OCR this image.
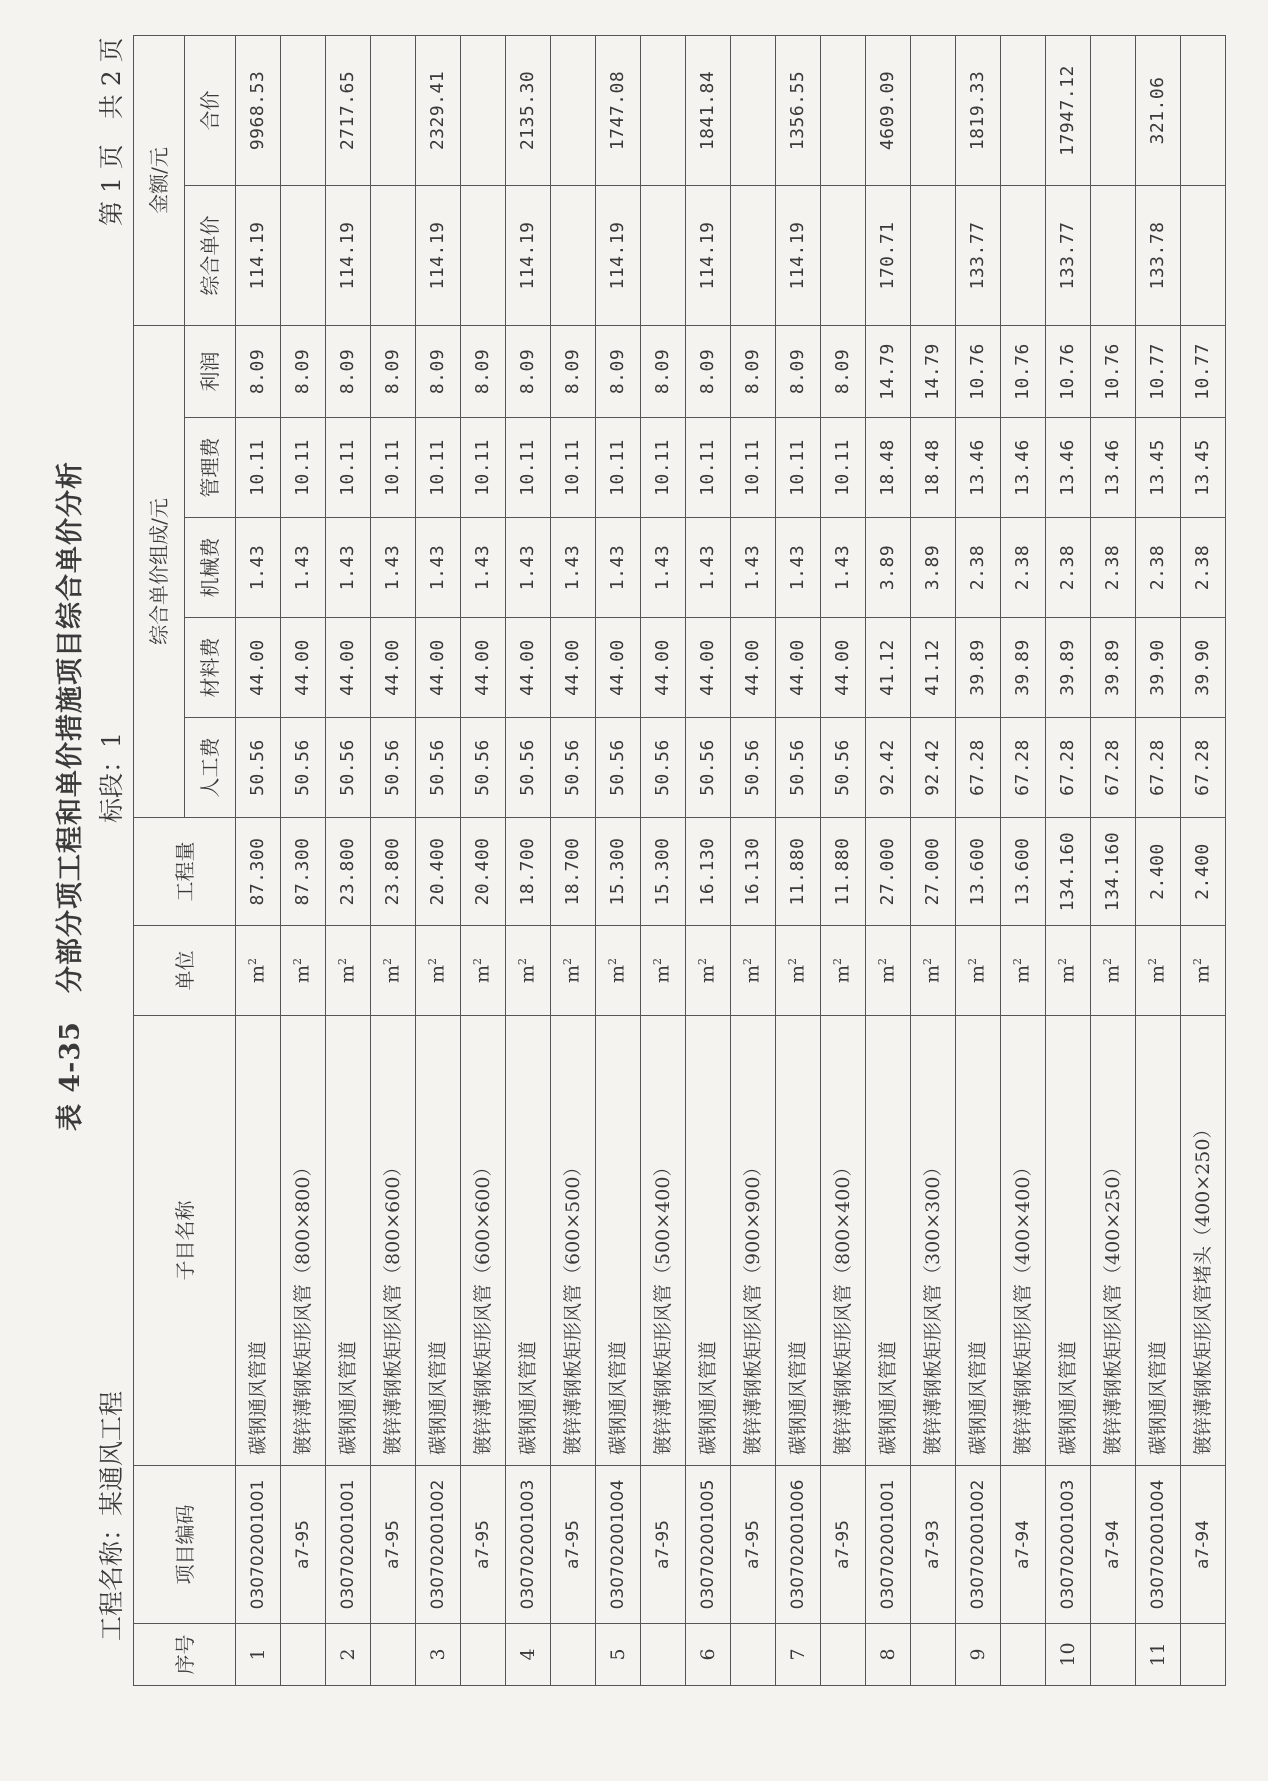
表 4-35　分部分项工程和单价措施项目综合单价分析
工程名称：某通风工程
标段：1
第 1 页　共 2 页
序号	项目编码	子目名称	单位	工程量	综合单价组成/元					金额/元	
					人工费	材料费	机械费	管理费	利润	综合单价	合价
1	030702001001	碳钢通风管道	$m^2$	87.300	50.56	44.00	1.43	10.11	8.09	114.19	9968.53
	a7-95	镀锌薄钢板矩形风管（800×800）	$m^2$	87.300	50.56	44.00	1.43	10.11	8.09		
2	030702001001	碳钢通风管道	$m^2$	23.800	50.56	44.00	1.43	10.11	8.09	114.19	2717.65
	a7-95	镀锌薄钢板矩形风管（800×600）	$m^2$	23.800	50.56	44.00	1.43	10.11	8.09		
3	030702001002	碳钢通风管道	$m^2$	20.400	50.56	44.00	1.43	10.11	8.09	114.19	2329.41
	a7-95	镀锌薄钢板矩形风管（600×600）	$m^2$	20.400	50.56	44.00	1.43	10.11	8.09		
4	030702001003	碳钢通风管道	$m^2$	18.700	50.56	44.00	1.43	10.11	8.09	114.19	2135.30
	a7-95	镀锌薄钢板矩形风管（600×500）	$m^2$	18.700	50.56	44.00	1.43	10.11	8.09		
5	030702001004	碳钢通风管道	$m^2$	15.300	50.56	44.00	1.43	10.11	8.09	114.19	1747.08
	a7-95	镀锌薄钢板矩形风管（500×400）	$m^2$	15.300	50.56	44.00	1.43	10.11	8.09		
6	030702001005	碳钢通风管道	$m^2$	16.130	50.56	44.00	1.43	10.11	8.09	114.19	1841.84
	a7-95	镀锌薄钢板矩形风管（900×900）	$m^2$	16.130	50.56	44.00	1.43	10.11	8.09		
7	030702001006	碳钢通风管道	$m^2$	11.880	50.56	44.00	1.43	10.11	8.09	114.19	1356.55
	a7-95	镀锌薄钢板矩形风管（800×400）	$m^2$	11.880	50.56	44.00	1.43	10.11	8.09		
8	030702001001	碳钢通风管道	$m^2$	27.000	92.42	41.12	3.89	18.48	14.79	170.71	4609.09
	a7-93	镀锌薄钢板矩形风管（300×300）	$m^2$	27.000	92.42	41.12	3.89	18.48	14.79		
9	030702001002	碳钢通风管道	$m^2$	13.600	67.28	39.89	2.38	13.46	10.76	133.77	1819.33
	a7-94	镀锌薄钢板矩形风管（400×400）	$m^2$	13.600	67.28	39.89	2.38	13.46	10.76		
10	030702001003	碳钢通风管道	$m^2$	134.160	67.28	39.89	2.38	13.46	10.76	133.77	17947.12
	a7-94	镀锌薄钢板矩形风管（400×250）	$m^2$	134.160	67.28	39.89	2.38	13.46	10.76		
11	030702001004	碳钢通风管道	$m^2$	2.400	67.28	39.90	2.38	13.45	10.77	133.78	321.06
	a7-94	镀锌薄钢板矩形风管堵头（400×250）	$m^2$	2.400	67.28	39.90	2.38	13.45	10.77		
